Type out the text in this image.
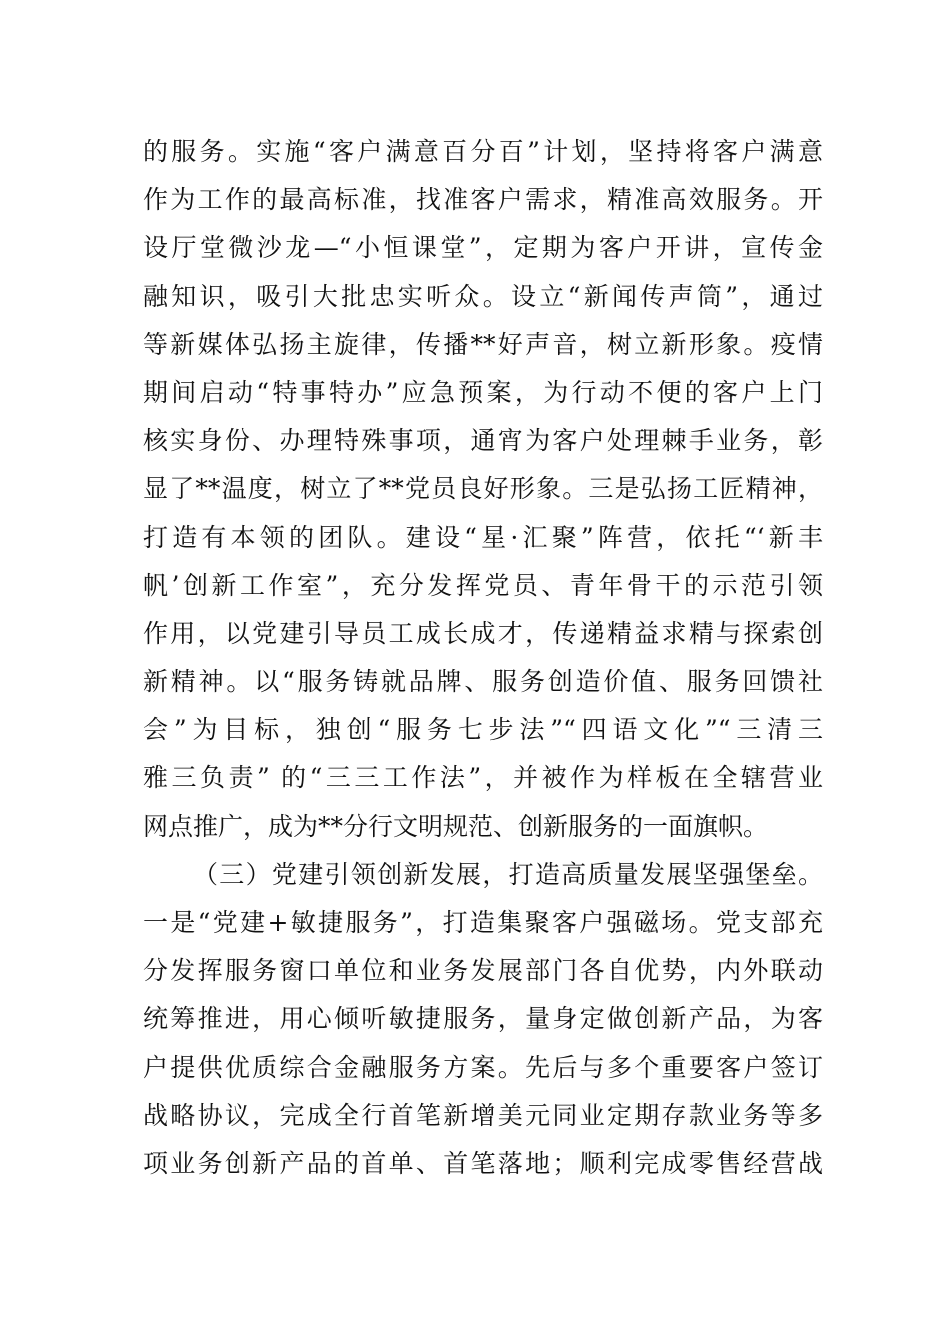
的服务。实施“客户满意百分百”计划，坚持将客户满意
作为工作的最高标准，找准客户需求，精准高效服务。开
设厅堂微沙龙—“小恒课堂”，定期为客户开讲，宣传金
融知识，吸引大批忠实听众。设立“新闻传声筒”，通过
等新媒体弘扬主旋律，传播**好声音，树立新形象。疫情
期间启动“特事特办”应急预案，为行动不便的客户上门
核实身份、办理特殊事项，通宵为客户处理棘手业务，彰
显了**温度，树立了**党员良好形象。三是弘扬工匠精神，
打造有本领的团队。建设“星·汇聚”阵营，依托“‘新丰
帆’创新工作室”，充分发挥党员、青年骨干的示范引领
作用，以党建引导员工成长成才，传递精益求精与探索创
新精神。以“服务铸就品牌、服务创造价值、服务回馈社
会”为目标，独创“服务七步法”“四语文化”“三清三
雅三负责” 的“三三工作法”，并被作为样板在全辖营业
网点推广，成为**分行文明规范、创新服务的一面旗帜。
（三）党建引领创新发展，打造高质量发展坚强堡垒。
一是“党建+敏捷服务”，打造集聚客户强磁场。党支部充
分发挥服务窗口单位和业务发展部门各自优势，内外联动
统筹推进，用心倾听敏捷服务，量身定做创新产品，为客
户提供优质综合金融服务方案。先后与多个重要客户签订
战略协议，完成全行首笔新增美元同业定期存款业务等多
项业务创新产品的首单、首笔落地；顺利完成零售经营战
